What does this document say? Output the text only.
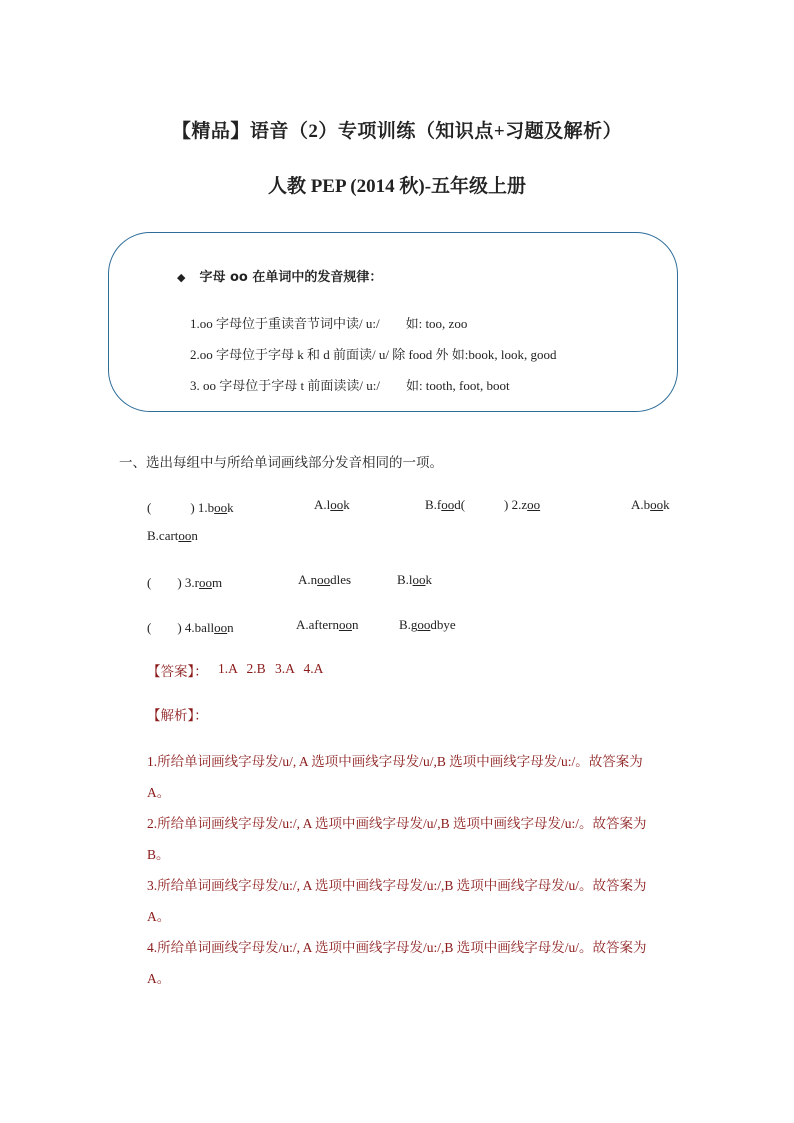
【精品】语音（2）专项训练（知识点+习题及解析）
人教 PEP (2014 秋)-五年级上册
◆ 字母 oo 在单词中的发音规律：
1.oo 字母位于重读音节词中读/ u:/　　如: too, zoo
2.oo 字母位于字母 k 和 d 前面读/ u/ 除 food 外 如:book, look, good
3. oo 字母位于字母 t 前面读读/ u:/　　如: tooth, foot, boot
一、选出每组中与所给单词画线部分发音相同的一项。
(　　　) 1.book	A.look	B.food(	) 2.zoo	A.book
B.cartoon
(　　) 3.room	A.noodles	B.look
(　　) 4.balloon	A.afternoon	B.goodbye
【答案】： 1.A 2.B 3.A 4.A
【解析】：
1.所给单词画线字母发/u/, A 选项中画线字母发/u/,B 选项中画线字母发/u:/。故答案为
A。
2.所给单词画线字母发/u:/, A 选项中画线字母发/u/,B 选项中画线字母发/u:/。故答案为
B。
3.所给单词画线字母发/u:/, A 选项中画线字母发/u:/,B 选项中画线字母发/u/。故答案为
A。
4.所给单词画线字母发/u:/, A 选项中画线字母发/u:/,B 选项中画线字母发/u/。故答案为
A。
